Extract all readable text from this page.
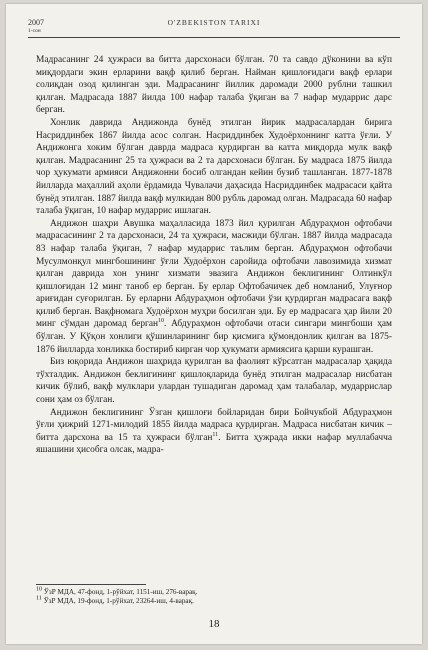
2007
1-сон
O'ZBEKISTON TARIXI

Мадрасанинг 24 ҳужраси ва битта дарсхонаси бўлган. 70 та савдо дўконини ва кўп миқдордаги экин ерларини вақф қилиб берган. Найман қишлоғидаги вақф ерлари солиқдан озод қилинган эди. Мадрасанинг йиллик даромади 2000 рублни ташкил қилган. Мадрасада 1887 йилда 100 нафар талаба ўқиган ва 7 нафар мударрис дарс берган.

Хонлик даврида Андижонда бунёд этилган йирик мадрасалардан бирига Насриддинбек 1867 йилда асос солган. Насриддинбек Худоёрхоннинг катта ўғли. У Андижонга хоким бўлган даврда мадраса қурдирган ва катта миқдорда мулк вақф қилган. Мадрасанинг 25 та ҳужраси ва 2 та дарсхонаси бўлган. Бу мадраса 1875 йилда чор ҳукумати армияси Андижонни босиб олгандан кейин бузиб ташланган. 1877-1878 йилларда маҳаллий аҳоли ёрдамида Чувалачи даҳасида Насриддинбек мадрасаси қайта бунёд этилган. 1887 йилда вақф мулкидан 800 рубль даромад олган. Мадрасада 60 нафар талаба ўқиган, 10 нафар мударрис ишлаган.

Андижон шаҳри Авушка маҳалласида 1873 йил қурилган Абдураҳмон офтобачи мадрасасининг 2 та дарсхонаси, 24 та ҳужраси, масжиди бўлган. 1887 йилда мадрасада 83 нафар талаба ўқиган, 7 нафар мударрис таълим берган. Абдураҳмон офтобачи Мусулмонқул мингбошининг ўғли Худоёрхон саройида офтобачи лавозимида хизмат қилган даврида хон унинг хизмати эвазига Андижон беклигининг Олтинкўл қишлоғидан 12 минг таноб ер берган. Бу ерлар Офтобачичек деб номланиб, Улуғнор ариғидан суғорилган. Бу ерларни Абдураҳмон офтобачи ўзи қурдирган мадрасага вақф қилиб берган. Вақфномага Худоёрхон муҳри босилган эди. Бу ер мадрасага ҳар йили 20 минг сўмдан даромад берган$^{10}$. Абдураҳмон офтобачи отаси сингари мингбоши ҳам бўлган. У Қўқон хонлиги қўшинларининг бир қисмига қўмондонлик қилган ва 1875-1876 йилларда хонликка бостириб кирган чор ҳукумати армиясига қарши курашган.

Биз юқорида Андижон шаҳрида қурилган ва фаолият кўрсатган мадрасалар ҳақида тўхталдик. Андижон беклигининг қишлоқларида бунёд этилган мадрасалар нисбатан кичик бўлиб, вақф мулклари улардан тушадиган даромад ҳам талабалар, мударрислар сони ҳам оз бўлган.

Андижон беклигининг Ўзган қишлоғи бойларидан бири Бойчукбой Абдураҳмон ўғли ҳижрий 1271-милодий 1855 йилда мадраса қурдирган. Мадраса нисбатан кичик – битта дарсхона ва 15 та ҳужраси бўлган$^{11}$. Битта ҳужрада икки нафар муллабачча яшашини ҳисобга олсак, мадра-

$^{10}$ ЎзР МДА, 47-фонд, 1-рўйхат, 1151-иш, 276-варақ.
$^{11}$ ЎзР МДА, 19-фонд, 1-рўйхат, 23264-иш, 4-варақ.
18
